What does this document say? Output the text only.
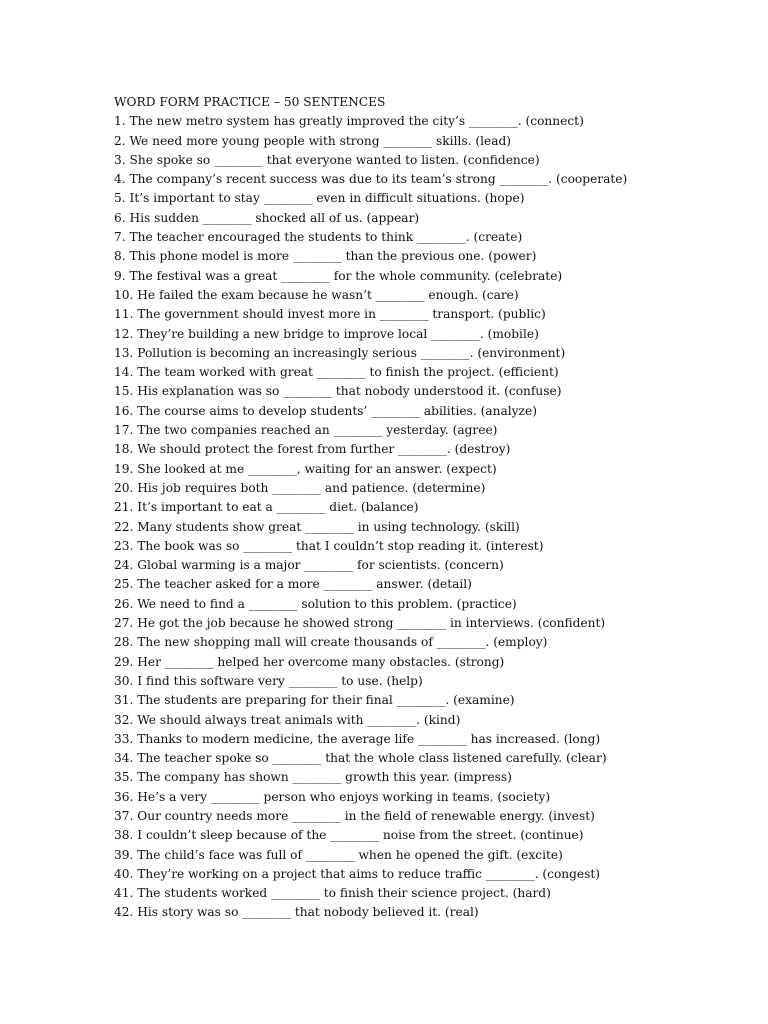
WORD FORM PRACTICE – 50 SENTENCES
1. The new metro system has greatly improved the city’s ________. (connect)
2. We need more young people with strong ________ skills. (lead)
3. She spoke so ________ that everyone wanted to listen. (confidence)
4. The company’s recent success was due to its team’s strong ________. (cooperate)
5. It’s important to stay ________ even in difficult situations. (hope)
6. His sudden ________ shocked all of us. (appear)
7. The teacher encouraged the students to think ________. (create)
8. This phone model is more ________ than the previous one. (power)
9. The festival was a great ________ for the whole community. (celebrate)
10. He failed the exam because he wasn’t ________ enough. (care)
11. The government should invest more in ________ transport. (public)
12. They’re building a new bridge to improve local ________. (mobile)
13. Pollution is becoming an increasingly serious ________. (environment)
14. The team worked with great ________ to finish the project. (efficient)
15. His explanation was so ________ that nobody understood it. (confuse)
16. The course aims to develop students’ ________ abilities. (analyze)
17. The two companies reached an ________ yesterday. (agree)
18. We should protect the forest from further ________. (destroy)
19. She looked at me ________, waiting for an answer. (expect)
20. His job requires both ________ and patience. (determine)
21. It’s important to eat a ________ diet. (balance)
22. Many students show great ________ in using technology. (skill)
23. The book was so ________ that I couldn’t stop reading it. (interest)
24. Global warming is a major ________ for scientists. (concern)
25. The teacher asked for a more ________ answer. (detail)
26. We need to find a ________ solution to this problem. (practice)
27. He got the job because he showed strong ________ in interviews. (confident)
28. The new shopping mall will create thousands of ________. (employ)
29. Her ________ helped her overcome many obstacles. (strong)
30. I find this software very ________ to use. (help)
31. The students are preparing for their final ________. (examine)
32. We should always treat animals with ________. (kind)
33. Thanks to modern medicine, the average life ________ has increased. (long)
34. The teacher spoke so ________ that the whole class listened carefully. (clear)
35. The company has shown ________ growth this year. (impress)
36. He’s a very ________ person who enjoys working in teams. (society)
37. Our country needs more ________ in the field of renewable energy. (invest)
38. I couldn’t sleep because of the ________ noise from the street. (continue)
39. The child’s face was full of ________ when he opened the gift. (excite)
40. They’re working on a project that aims to reduce traffic ________. (congest)
41. The students worked ________ to finish their science project. (hard)
42. His story was so ________ that nobody believed it. (real)
